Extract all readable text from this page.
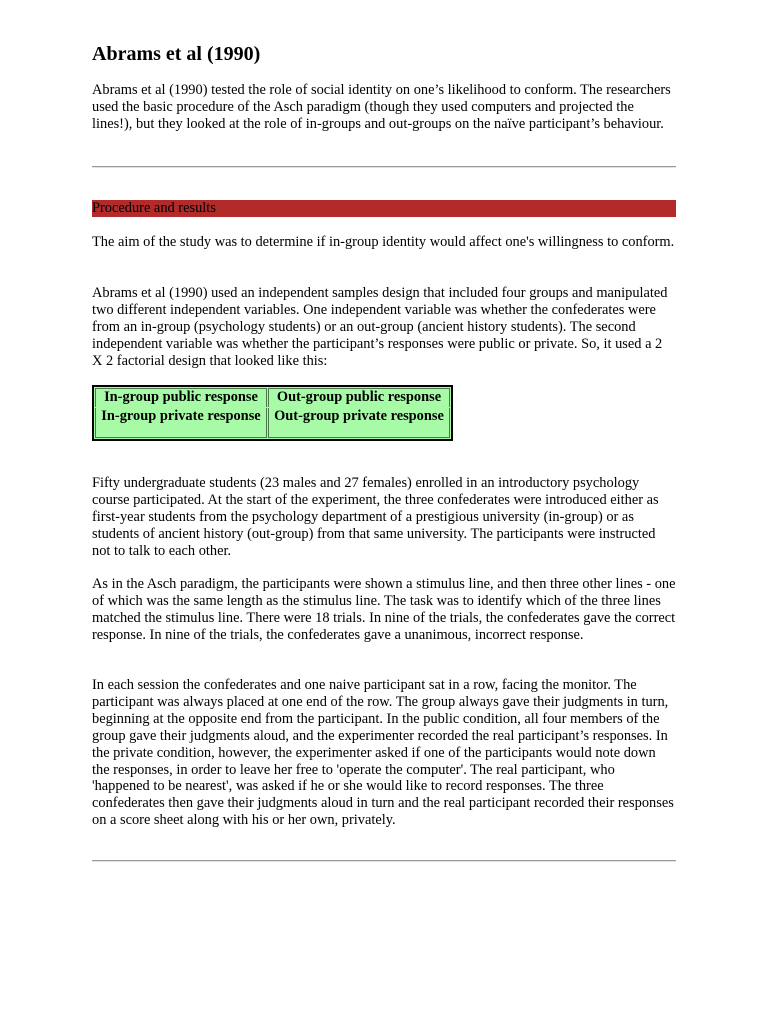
Abrams et al (1990)

Abrams et al (1990) tested the role of social identity on one’s likelihood to conform. The researchers used the basic procedure of the Asch paradigm (though they used computers and projected the lines!), but they looked at the role of in-groups and out-groups on the naïve participant’s behaviour.

Procedure and results

The aim of the study was to determine if in-group identity would affect one's willingness to conform.

Abrams et al (1990) used an independent samples design that included four groups and manipulated two different independent variables. One independent variable was whether the confederates were from an in-group (psychology students) or an out-group (ancient history students). The second independent variable was whether the participant’s responses were public or private. So, it used a 2 X 2 factorial design that looked like this:

In-group public response	Out-group public response
In-group private response Out-group private response

Fifty undergraduate students (23 males and 27 females) enrolled in an introductory psychology course participated. At the start of the experiment, the three confederates were introduced either as first-year students from the psychology department of a prestigious university (in-group) or as students of ancient history (out-group) from that same university. The participants were instructed not to talk to each other.

As in the Asch paradigm, the participants were shown a stimulus line, and then three other lines - one of which was the same length as the stimulus line. The task was to identify which of the three lines matched the stimulus line. There were 18 trials. In nine of the trials, the confederates gave the correct response. In nine of the trials, the confederates gave a unanimous, incorrect response.

In each session the confederates and one naive participant sat in a row, facing the monitor. The participant was always placed at one end of the row. The group always gave their judgments in turn, beginning at the opposite end from the participant. In the public condition, all four members of the group gave their judgments aloud, and the experimenter recorded the real participant’s responses. In the private condition, however, the experimenter asked if one of the participants would note down the responses, in order to leave her free to 'operate the computer'. The real participant, who 'happened to be nearest', was asked if he or she would like to record responses. The three confederates then gave their judgments aloud in turn and the real participant recorded their responses on a score sheet along with his or her own, privately.
